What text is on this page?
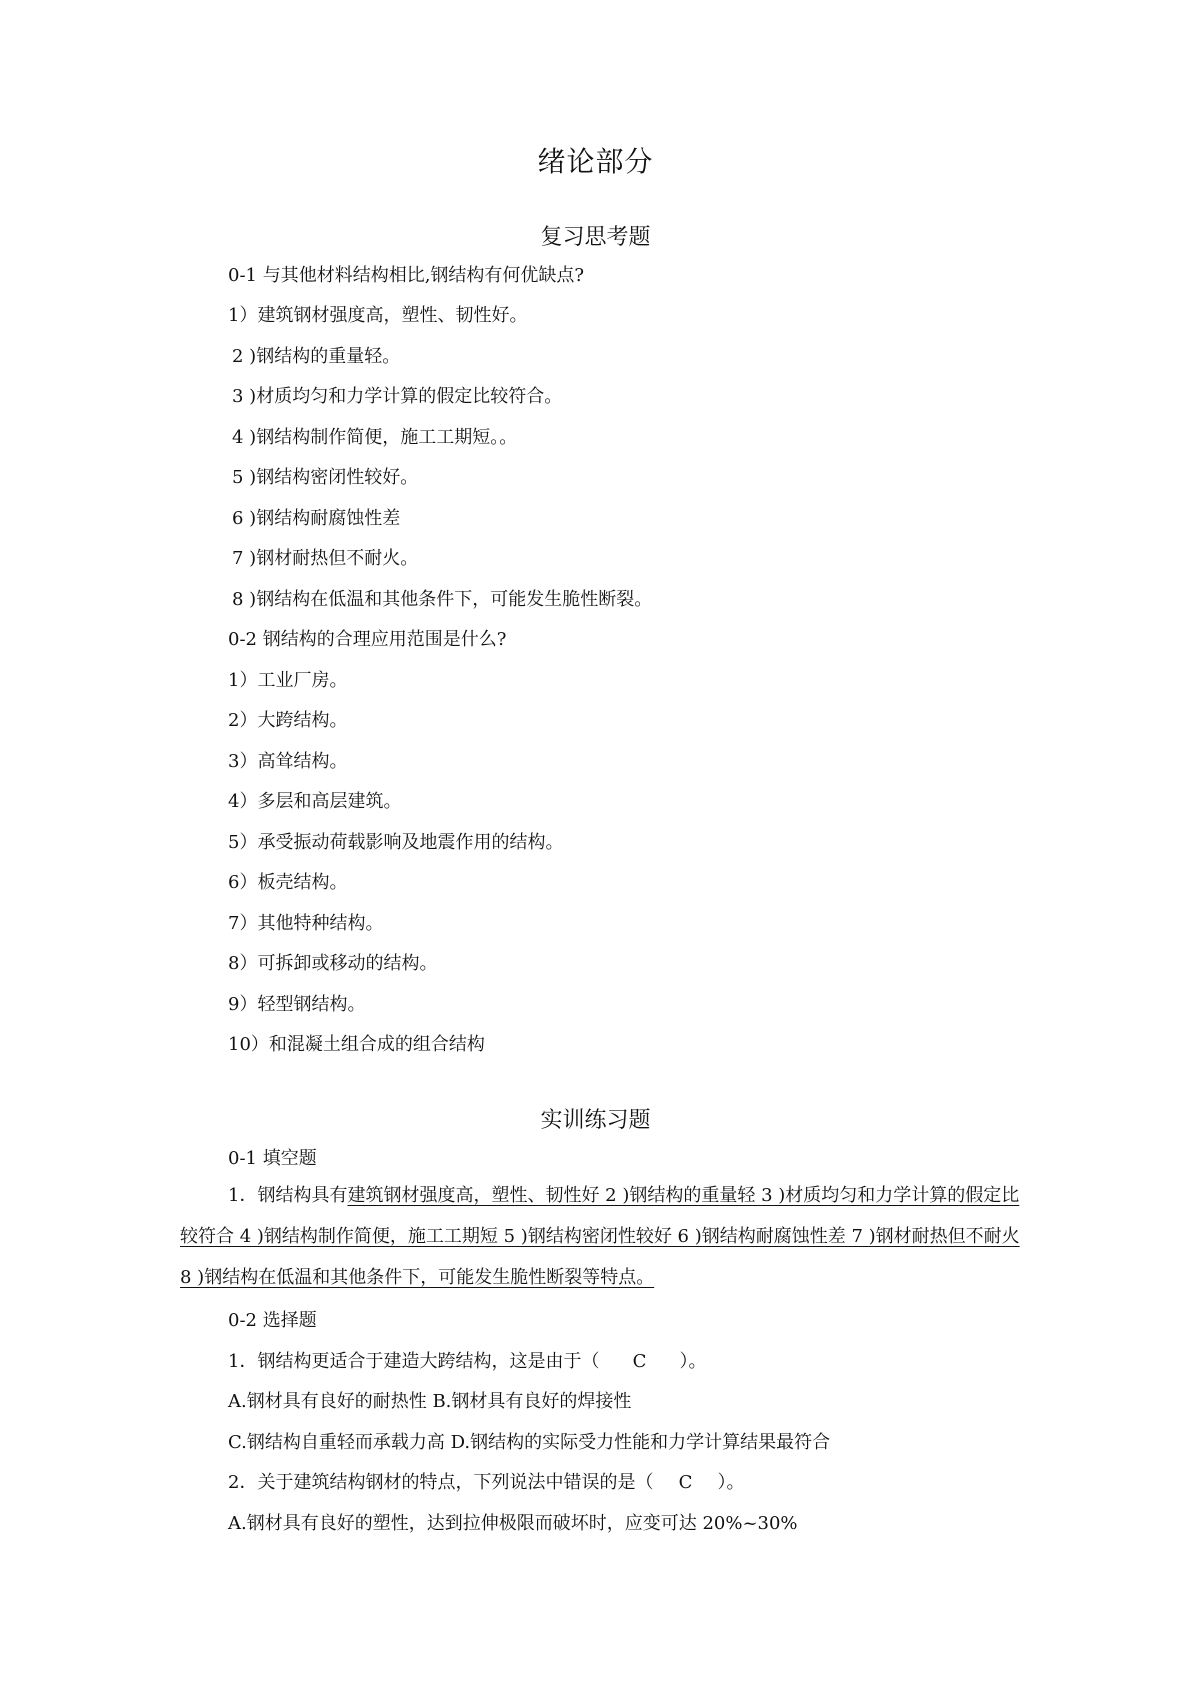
绪论部分
复习思考题
0-1 与其他材料结构相比,钢结构有何优缺点?
1）建筑钢材强度高，塑性、韧性好。
2 )钢结构的重量轻。
3 )材质均匀和力学计算的假定比较符合。
4 )钢结构制作简便，施工工期短。。
5 )钢结构密闭性较好。
6 )钢结构耐腐蚀性差
7 )钢材耐热但不耐火。
8 )钢结构在低温和其他条件下，可能发生脆性断裂。
0-2 钢结构的合理应用范围是什么?
1）工业厂房。
2）大跨结构。
3）高耸结构。
4）多层和高层建筑。
5）承受振动荷载影响及地震作用的结构。
6）板壳结构。
7）其他特种结构。
8）可拆卸或移动的结构。
9）轻型钢结构。
10）和混凝土组合成的组合结构
实训练习题
0-1 填空题
1．钢结构具有建筑钢材强度高，塑性、韧性好 2 )钢结构的重量轻 3 )材质均匀和力学计算的假定比较符合 4 )钢结构制作简便，施工工期短 5 )钢结构密闭性较好 6 )钢结构耐腐蚀性差 7 )钢材耐热但不耐火 8 )钢结构在低温和其他条件下，可能发生脆性断裂等特点。
0-2 选择题
1．钢结构更适合于建造大跨结构，这是由于（ C ）。
A.钢材具有良好的耐热性 B.钢材具有良好的焊接性
C.钢结构自重轻而承载力高 D.钢结构的实际受力性能和力学计算结果最符合
2．关于建筑结构钢材的特点，下列说法中错误的是（ C ）。
A.钢材具有良好的塑性，达到拉伸极限而破坏时，应变可达 20%~30%
